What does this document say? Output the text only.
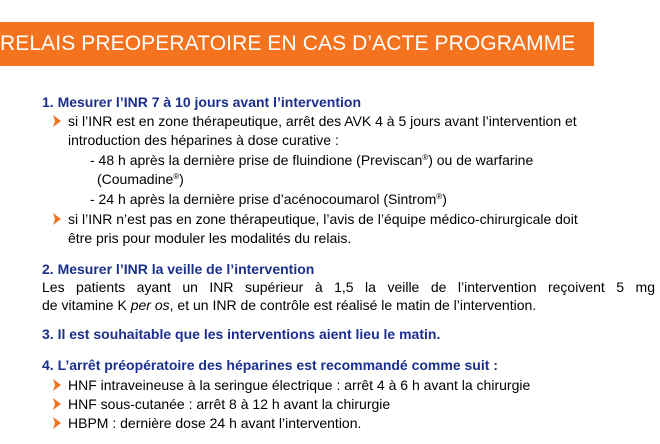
RELAIS PREOPERATOIRE EN CAS D’ACTE PROGRAMME
1. Mesurer l’INR 7 à 10 jours avant l’intervention
si l’INR est en zone thérapeutique, arrêt des AVK 4 à 5 jours avant l’intervention et
introduction des héparines à dose curative :
- 48 h après la dernière prise de fluindione (Previscan®) ou de warfarine
(Coumadine®)
- 24 h après la dernière prise d’acénocoumarol (Sintrom®)
si l’INR n’est pas en zone thérapeutique, l’avis de l’équipe médico-chirurgicale doit
être pris pour moduler les modalités du relais.
2. Mesurer l’INR la veille de l’intervention
Les patients ayant un INR supérieur à 1,5 la veille de l’intervention reçoivent 5 mg
de vitamine K per os, et un INR de contrôle est réalisé le matin de l’intervention.
3. Il est souhaitable que les interventions aient lieu le matin.
4. L’arrêt préopératoire des héparines est recommandé comme suit :
HNF intraveineuse à la seringue électrique : arrêt 4 à 6 h avant la chirurgie
HNF sous-cutanée : arrêt 8 à 12 h avant la chirurgie
HBPM : dernière dose 24 h avant l’intervention.
